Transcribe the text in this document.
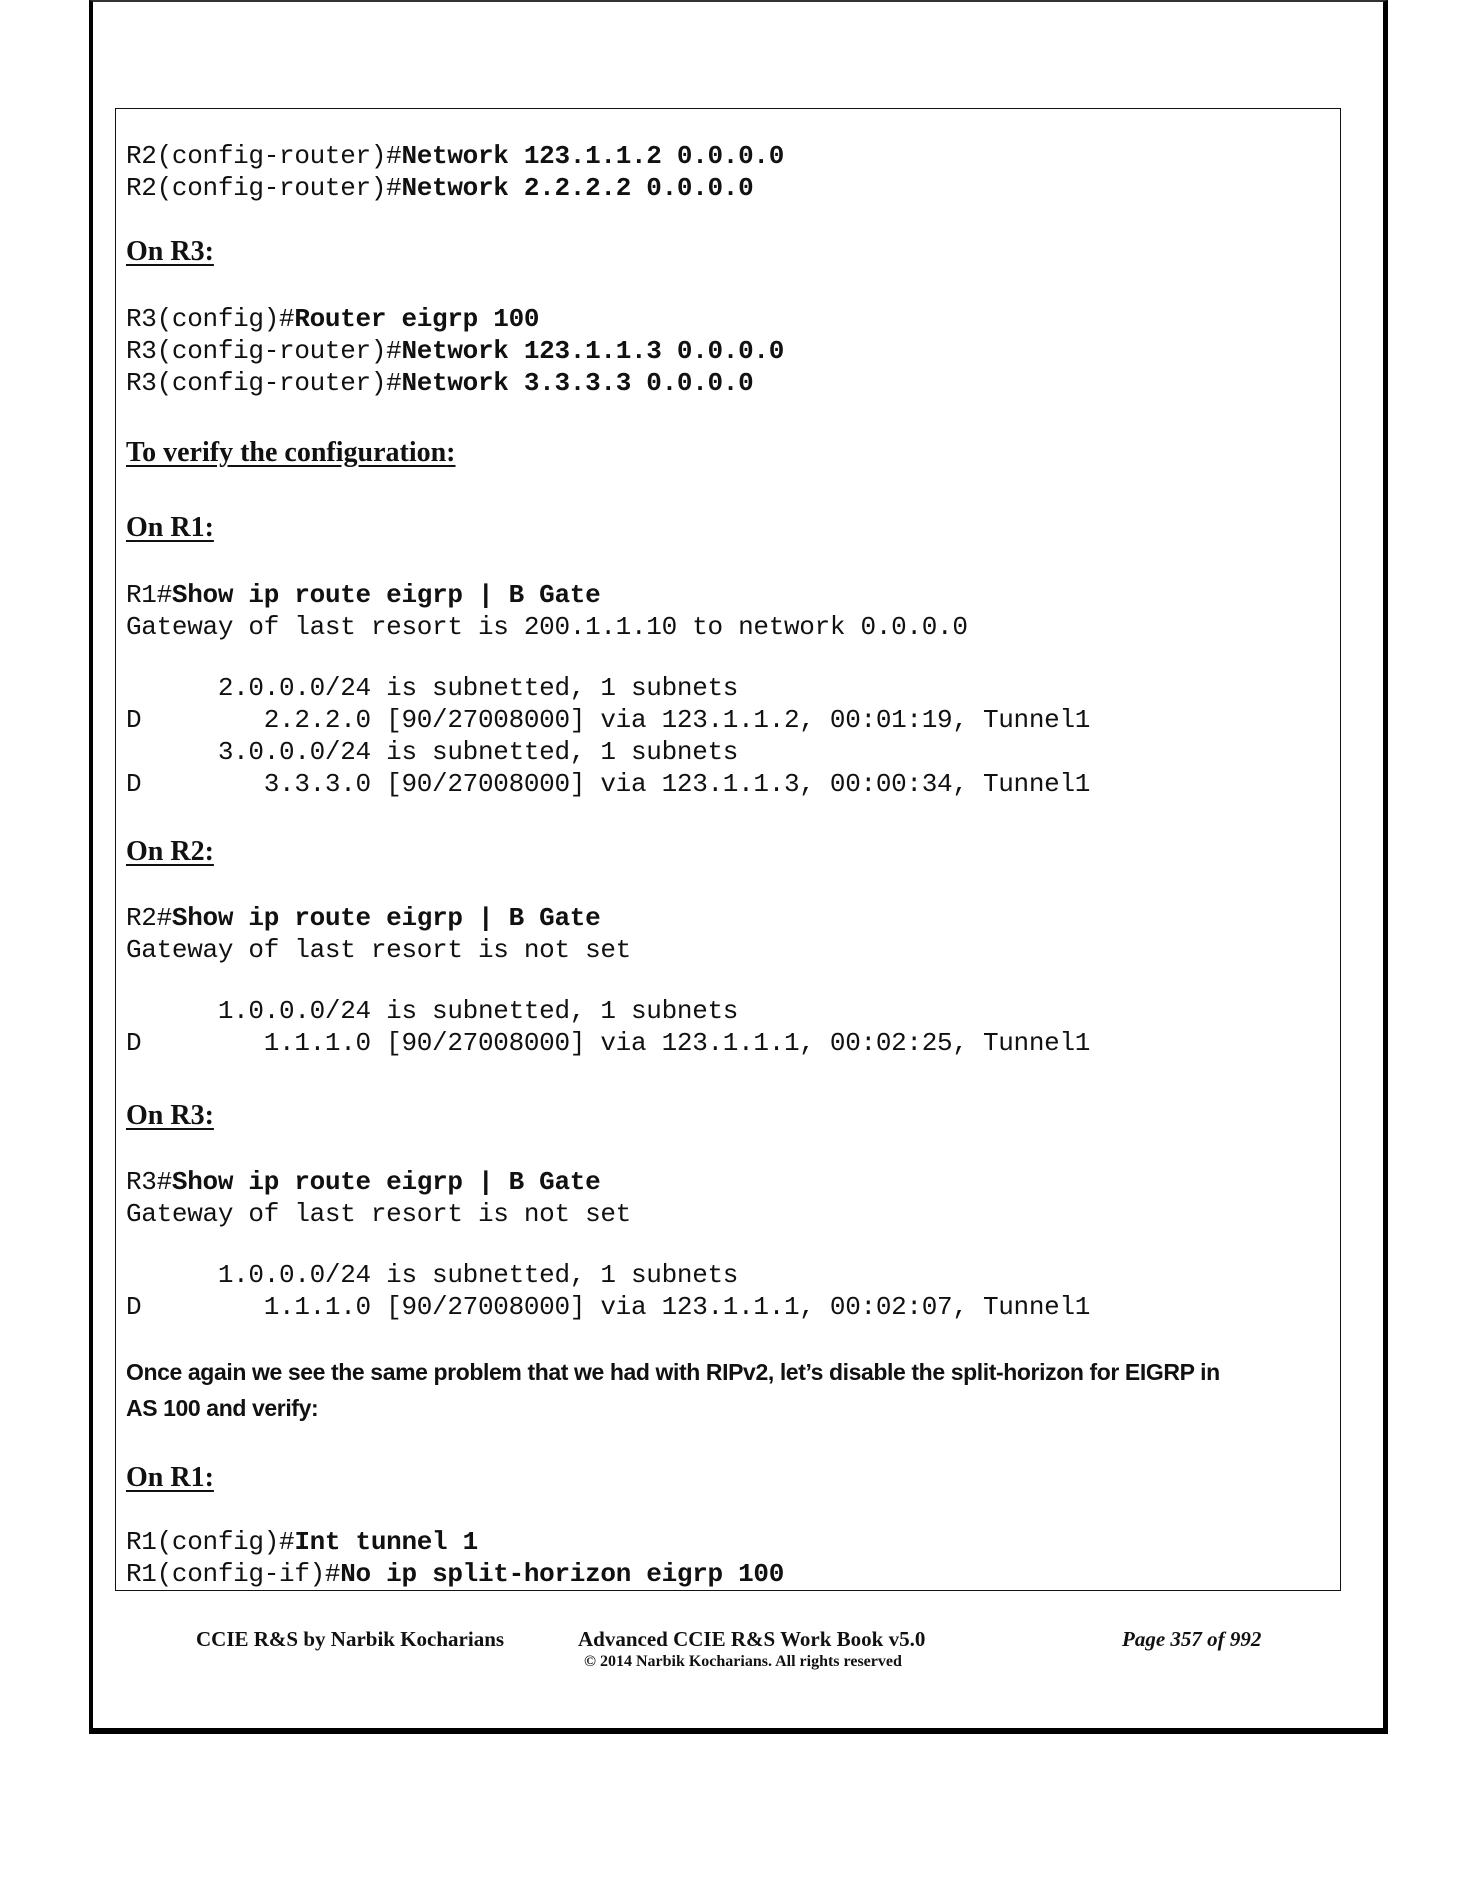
R2(config-router)#Network 123.1.1.2 0.0.0.0
R2(config-router)#Network 2.2.2.2 0.0.0.0
On R3:
R3(config)#Router eigrp 100
R3(config-router)#Network 123.1.1.3 0.0.0.0
R3(config-router)#Network 3.3.3.3 0.0.0.0
To verify the configuration:
On R1:
R1#Show ip route eigrp | B Gate
Gateway of last resort is 200.1.1.10 to network 0.0.0.0
2.0.0.0/24 is subnetted, 1 subnets
D        2.2.2.0 [90/27008000] via 123.1.1.2, 00:01:19, Tunnel1
3.0.0.0/24 is subnetted, 1 subnets
D        3.3.3.0 [90/27008000] via 123.1.1.3, 00:00:34, Tunnel1
On R2:
R2#Show ip route eigrp | B Gate
Gateway of last resort is not set
1.0.0.0/24 is subnetted, 1 subnets
D        1.1.1.0 [90/27008000] via 123.1.1.1, 00:02:25, Tunnel1
On R3:
R3#Show ip route eigrp | B Gate
Gateway of last resort is not set
1.0.0.0/24 is subnetted, 1 subnets
D        1.1.1.0 [90/27008000] via 123.1.1.1, 00:02:07, Tunnel1
Once again we see the same problem that we had with RIPv2, let’s disable the split-horizon for EIGRP in
AS 100 and verify:
On R1:
R1(config)#Int tunnel 1
R1(config-if)#No ip split-horizon eigrp 100
CCIE R&S by Narbik Kocharians	Advanced CCIE R&S Work Book v5.0
© 2014 Narbik Kocharians. All rights reserved
Page 357 of 992
